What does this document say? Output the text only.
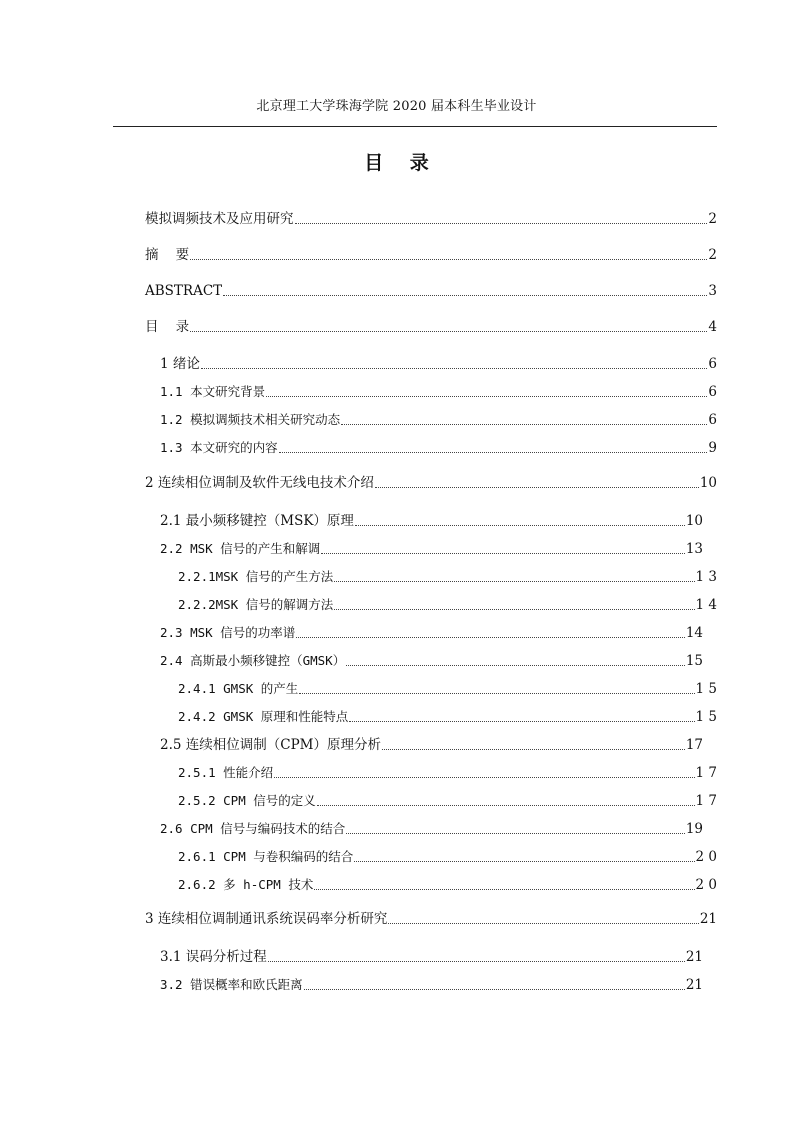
北京理工大学珠海学院 2020 届本科生毕业设计
目    录
模拟调频技术及应用研究	2
摘    要	2
ABSTRACT	3
目    录	4
1 绪论	6
1.1 本文研究背景	6
1.2 模拟调频技术相关研究动态	6
1.3 本文研究的内容	9
2 连续相位调制及软件无线电技术介绍	10
2.1 最小频移键控（MSK）原理	10
2.2 MSK 信号的产生和解调	13
2.2.1MSK 信号的产生方法	1 3
2.2.2MSK 信号的解调方法	1 4
2.3 MSK 信号的功率谱	14
2.4 高斯最小频移键控（GMSK）	15
2.4.1 GMSK 的产生	1 5
2.4.2 GMSK 原理和性能特点	1 5
2.5 连续相位调制（CPM）原理分析	17
2.5.1 性能介绍	1 7
2.5.2 CPM 信号的定义	1 7
2.6 CPM 信号与编码技术的结合	19
2.6.1 CPM 与卷积编码的结合	2 0
2.6.2 多 h-CPM 技术	2 0
3 连续相位调制通讯系统误码率分析研究	21
3.1 误码分析过程	21
3.2 错误概率和欧氏距离	21
